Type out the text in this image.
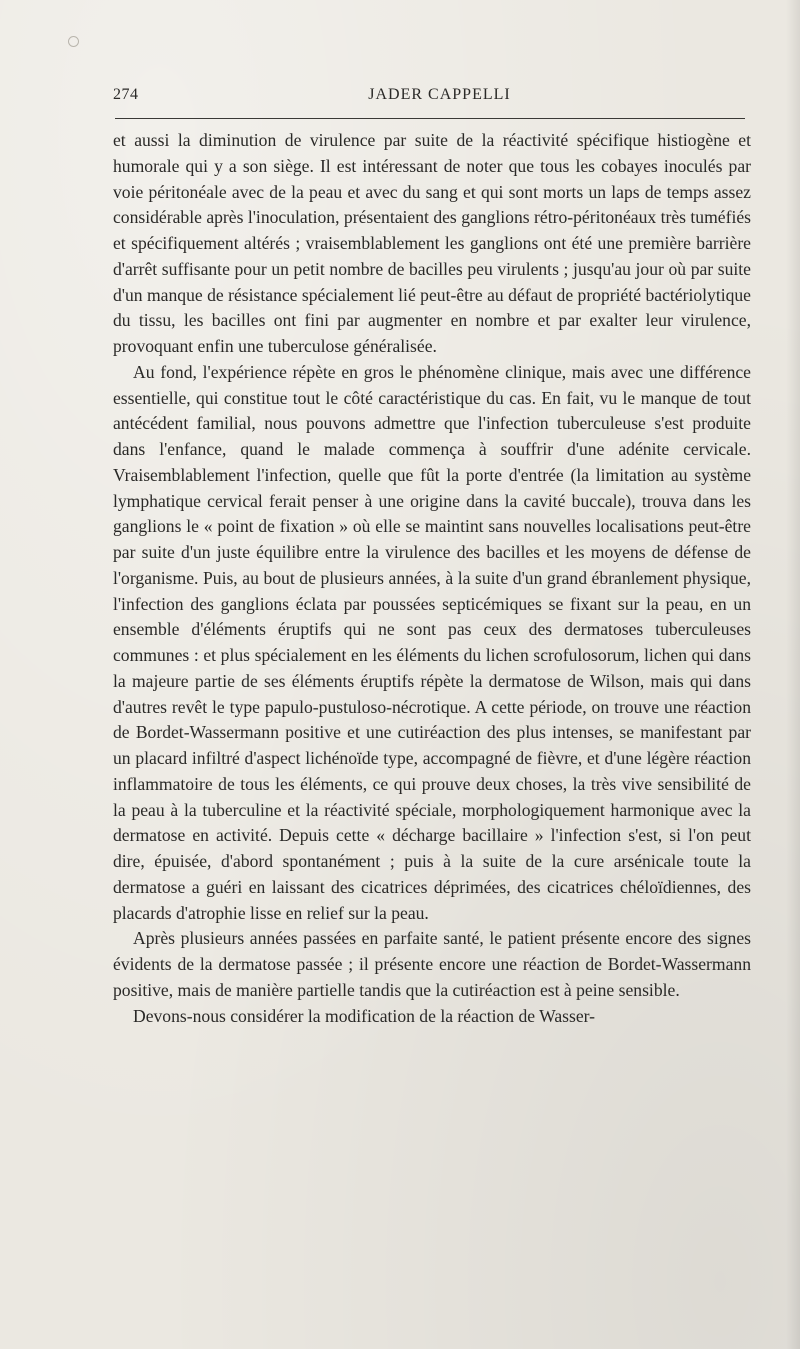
274	JADER CAPPELLI

et aussi la diminution de virulence par suite de la réactivité spécifique histiogène et humorale qui y a son siège. Il est intéressant de noter que tous les cobayes inoculés par voie péritonéale avec de la peau et avec du sang et qui sont morts un laps de temps assez considérable après l'inoculation, présentaient des ganglions rétro-péritonéaux très tuméfiés et spécifiquement altérés ; vraisemblablement les ganglions ont été une première barrière d'arrêt suffisante pour un petit nombre de bacilles peu virulents ; jusqu'au jour où par suite d'un manque de résistance spécialement lié peut-être au défaut de propriété bactériolytique du tissu, les bacilles ont fini par augmenter en nombre et par exalter leur virulence, provoquant enfin une tuberculose généralisée.

Au fond, l'expérience répète en gros le phénomène clinique, mais avec une différence essentielle, qui constitue tout le côté caractéristique du cas. En fait, vu le manque de tout antécédent familial, nous pouvons admettre que l'infection tuberculeuse s'est produite dans l'enfance, quand le malade commença à souffrir d'une adénite cervicale. Vraisemblablement l'infection, quelle que fût la porte d'entrée (la limitation au système lymphatique cervical ferait penser à une origine dans la cavité buccale), trouva dans les ganglions le « point de fixation » où elle se maintint sans nouvelles localisations peut-être par suite d'un juste équilibre entre la virulence des bacilles et les moyens de défense de l'organisme. Puis, au bout de plusieurs années, à la suite d'un grand ébranlement physique, l'infection des ganglions éclata par poussées septicémiques se fixant sur la peau, en un ensemble d'éléments éruptifs qui ne sont pas ceux des dermatoses tuberculeuses communes : et plus spécialement en les éléments du lichen scrofulosorum, lichen qui dans la majeure partie de ses éléments éruptifs répète la dermatose de Wilson, mais qui dans d'autres revêt le type papulo-pustuloso-nécrotique. A cette période, on trouve une réaction de Bordet-Wassermann positive et une cutiréaction des plus intenses, se manifestant par un placard infiltré d'aspect lichénoïde type, accompagné de fièvre, et d'une légère réaction inflammatoire de tous les éléments, ce qui prouve deux choses, la très vive sensibilité de la peau à la tuberculine et la réactivité spéciale, morphologiquement harmonique avec la dermatose en activité. Depuis cette « décharge bacillaire » l'infection s'est, si l'on peut dire, épuisée, d'abord spontanément ; puis à la suite de la cure arsénicale toute la dermatose a guéri en laissant des cicatrices déprimées, des cicatrices chéloïdiennes, des placards d'atrophie lisse en relief sur la peau.

Après plusieurs années passées en parfaite santé, le patient présente encore des signes évidents de la dermatose passée ; il présente encore une réaction de Bordet-Wassermann positive, mais de manière partielle tandis que la cutiréaction est à peine sensible.

Devons-nous considérer la modification de la réaction de Wasser-
